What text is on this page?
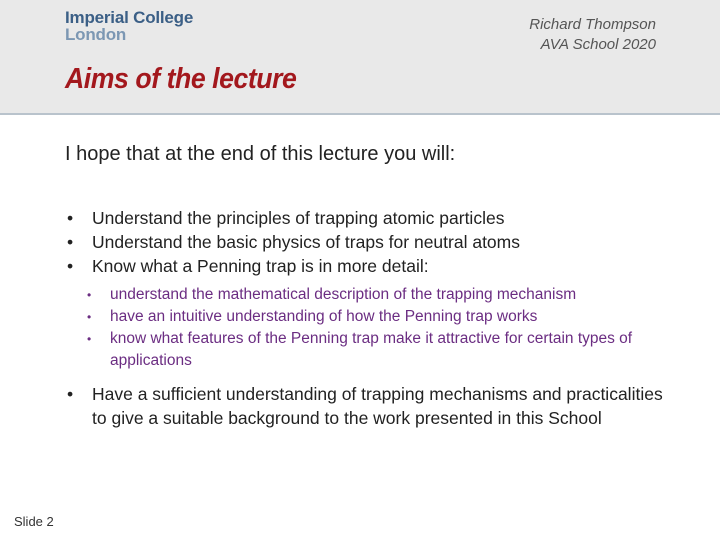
Imperial College
London
Richard Thompson
AVA School 2020
Aims of the lecture
I hope that at the end of this lecture you will:
• Understand the principles of trapping atomic particles
• Understand the basic physics of traps for neutral atoms
• Know what a Penning trap is in more detail:
• understand the mathematical description of the trapping mechanism
• have an intuitive understanding of how the Penning trap works
• know what features of the Penning trap make it attractive for certain types of applications
• Have a sufficient understanding of trapping mechanisms and practicalities to give a suitable background to the work presented in this School
Slide 2
